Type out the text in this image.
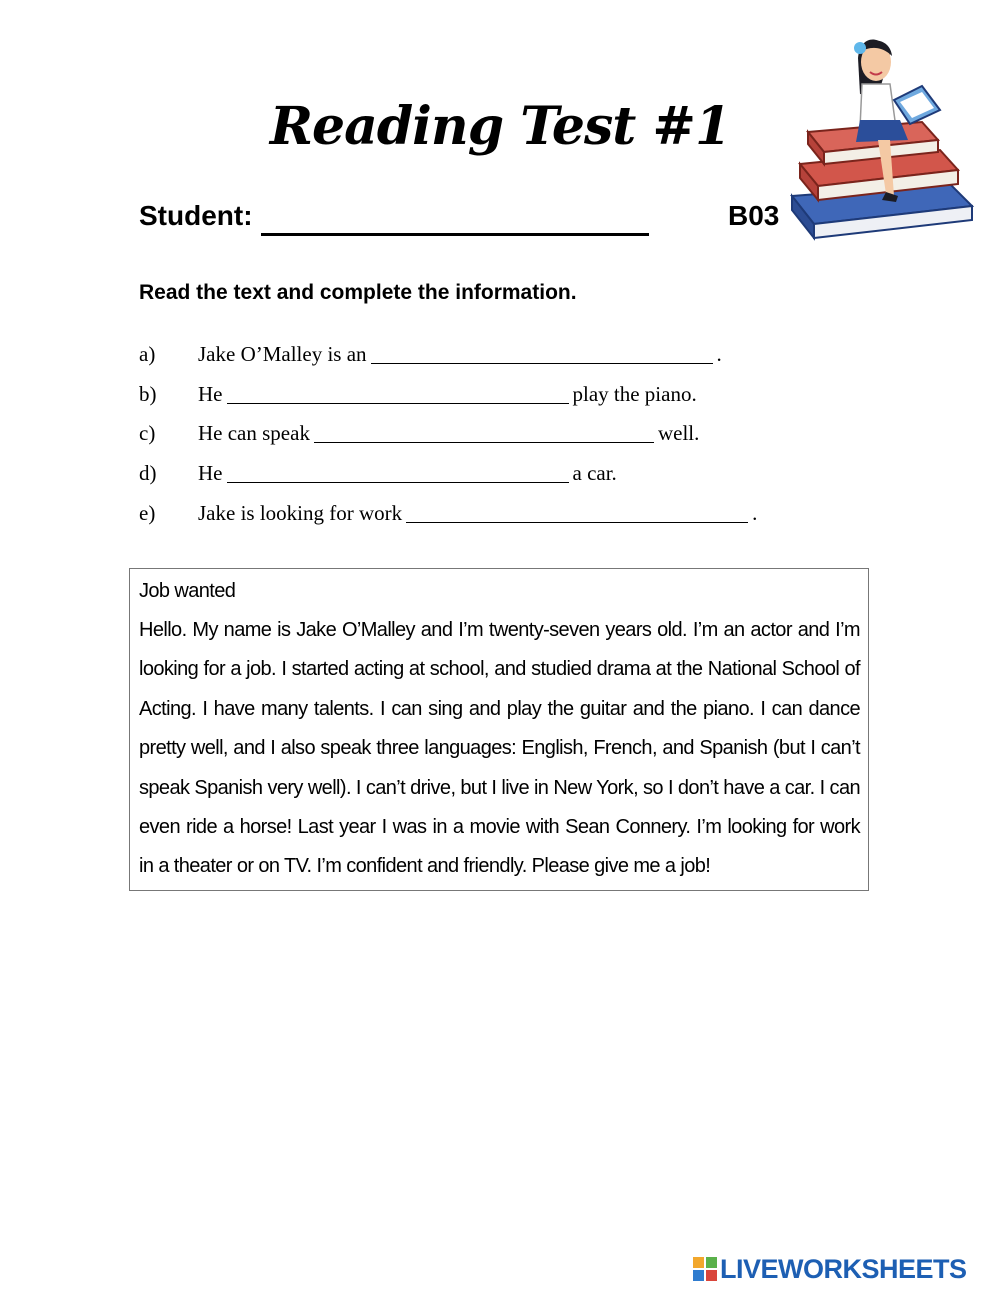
Reading Test #1
Student:	B03
Read the text and complete the information.
a)	Jake O’Malley is an	.
b)	He	play the piano.
c)	He can speak	well.
d)	He	a car.
e)	Jake is looking for work	.
Job wanted
Hello. My name is Jake O’Malley and I’m twenty-seven years old. I’m an actor and I’m looking for a job. I started acting at school, and studied drama at the National School of Acting. I have many talents. I can sing and play the guitar and the piano. I can dance pretty well, and I also speak three languages: English, French, and Spanish (but I can’t speak Spanish very well). I can’t drive, but I live in New York, so I don’t have a car. I can even ride a horse! Last year I was in a movie with Sean Connery. I’m looking for work in a theater or on TV. I’m confident and friendly. Please give me a job!
LIVEWORKSHEETS
